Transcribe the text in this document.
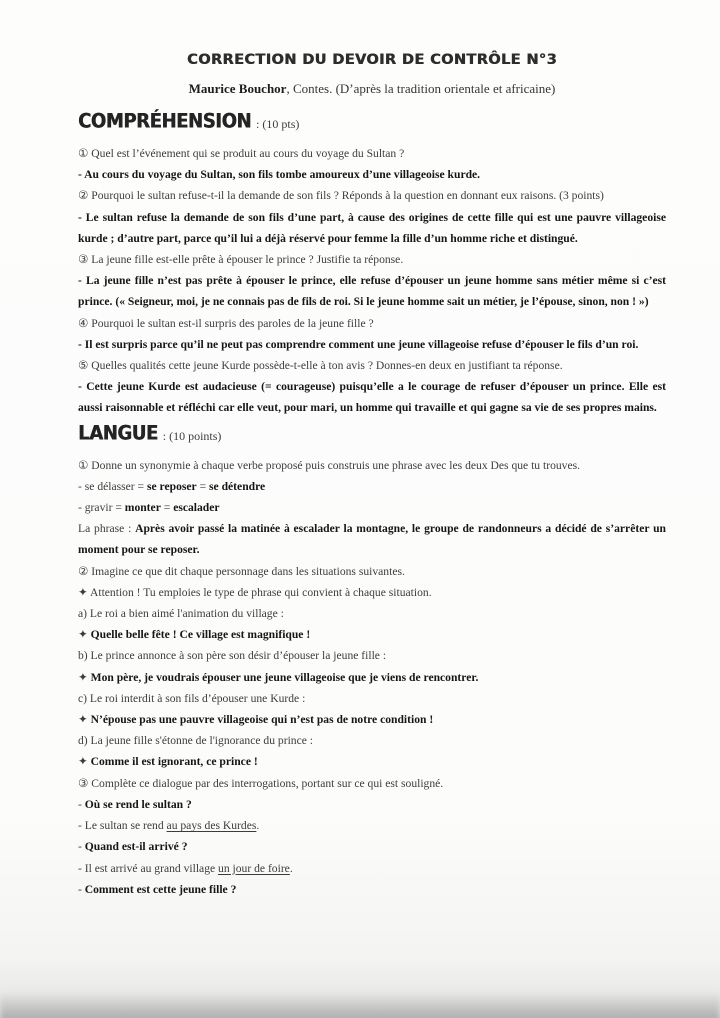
CORRECTION DU DEVOIR DE CONTRÔLE N°3

Maurice Bouchor, Contes. (D’après la tradition orientale et africaine)

COMPRÉHENSION : (10 pts)
① Quel est l’événement qui se produit au cours du voyage du Sultan ?
- Au cours du voyage du Sultan, son fils tombe amoureux d’une villageoise kurde.
② Pourquoi le sultan refuse-t-il la demande de son fils ? Réponds à la question en donnant eux raisons. (3 points)
- Le sultan refuse la demande de son fils d’une part, à cause des origines de cette fille qui est une pauvre villageoise kurde ; d’autre part, parce qu’il lui a déjà réservé pour femme la fille d’un homme riche et distingué.
③ La jeune fille est-elle prête à épouser le prince ? Justifie ta réponse.
- La jeune fille n’est pas prête à épouser le prince, elle refuse d’épouser un jeune homme sans métier même si c’est prince. (« Seigneur, moi, je ne connais pas de fils de roi. Si le jeune homme sait un métier, je l’épouse, sinon, non ! »)
④ Pourquoi le sultan est-il surpris des paroles de la jeune fille ?
- Il est surpris parce qu’il ne peut pas comprendre comment une jeune villageoise refuse d’épouser le fils d’un roi.
⑤ Quelles qualités cette jeune Kurde possède-t-elle à ton avis ? Donnes-en deux en justifiant ta réponse.
- Cette jeune Kurde est audacieuse (= courageuse) puisqu’elle a le courage de refuser d’épouser un prince. Elle est aussi raisonnable et réfléchi car elle veut, pour mari, un homme qui travaille et qui gagne sa vie de ses propres mains.
LANGUE : (10 points)
① Donne un synonymie à chaque verbe proposé puis construis une phrase avec les deux Des que tu trouves.
- se délasser = se reposer = se détendre
- gravir = monter = escalader
La phrase : Après avoir passé la matinée à escalader la montagne, le groupe de randonneurs a décidé de s’arrêter un moment pour se reposer.
② Imagine ce que dit chaque personnage dans les situations suivantes.
✦ Attention ! Tu emploies le type de phrase qui convient à chaque situation.
a) Le roi a bien aimé l'animation du village :
✦ Quelle belle fête ! Ce village est magnifique !
b) Le prince annonce à son père son désir d’épouser la jeune fille :
✦ Mon père, je voudrais épouser une jeune villageoise que je viens de rencontrer.
c) Le roi interdit à son fils d’épouser une Kurde :
✦ N’épouse pas une pauvre villageoise qui n’est pas de notre condition !
d) La jeune fille s'étonne de l'ignorance du prince :
✦ Comme il est ignorant, ce prince !
③ Complète ce dialogue par des interrogations, portant sur ce qui est souligné.
- Où se rend le sultan ?
- Le sultan se rend au pays des Kurdes.
- Quand est-il arrivé ?
- Il est arrivé au grand village un jour de foire.
- Comment est cette jeune fille ?
